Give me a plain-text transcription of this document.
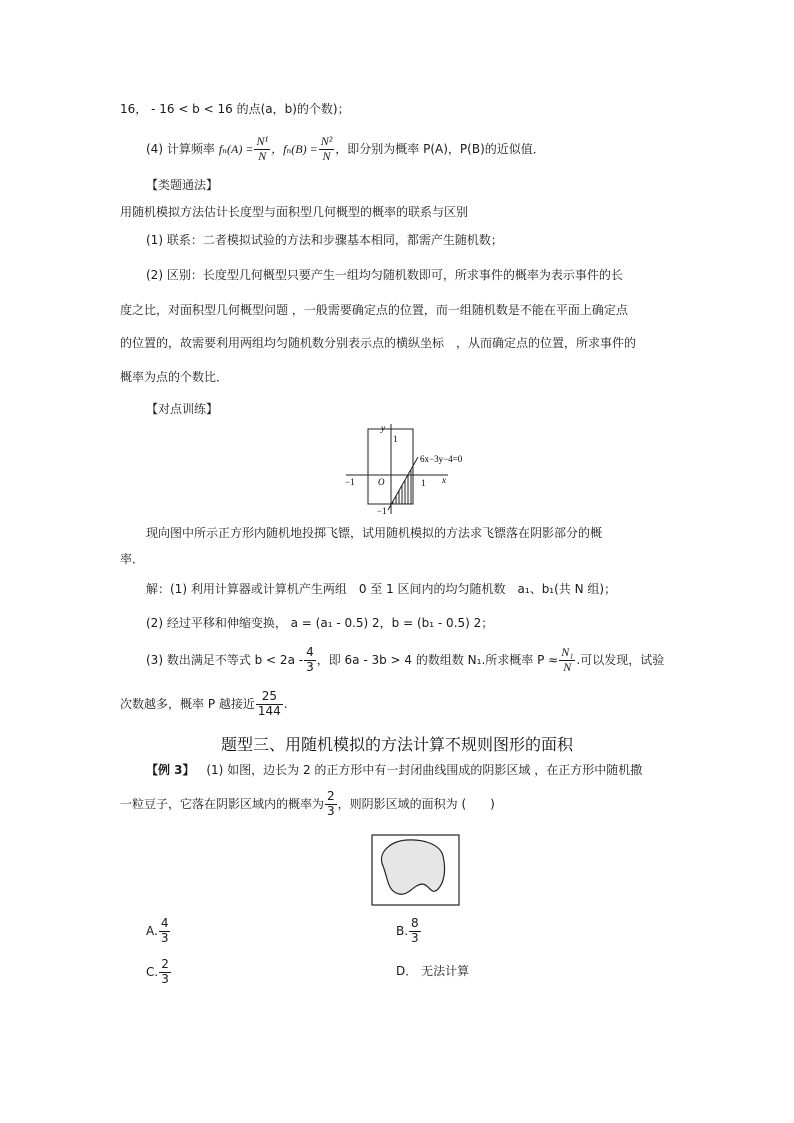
16， - 16 < b < 16 的点(a，b)的个数)；
(4) 计算频率 $f_n(A) = \frac{\text{N¹}}{N}$ ，$f_n(B) = \frac{\text{N²}}{N}$ ，即分别为概率 P(A)，P(B)的近似值．
【类题通法】
用随机模拟方法估计长度型与面积型几何概型的概率的联系与区别
(1) 联系：二者模拟试验的方法和步骤基本相同，都需产生随机数；
(2) 区别：长度型几何概型只要产生一组均匀随机数即可，所求事件的概率为表示事件的长
度之比，对面积型几何概型问题 ，一般需要确定点的位置，而一组随机数是不能在平面上确定点
的位置的，故需要利用两组均匀随机数分别表示点的横纵坐标　，从而确定点的位置，所求事件的
概率为点的个数比．
【对点训练】
y
1
6x−3y−4=0
−1	O	1 x
−1
现向图中所示正方形内随机地投掷飞镖，试用随机模拟的方法求飞镖落在阴影部分的概
率．
解：(1) 利用计算器或计算机产生两组　0 至 1 区间内的均匀随机数　a₁、b₁(共 N 组)；
(2) 经过平移和伸缩变换， a = (a₁ - 0.5) 2，b = (b₁ - 0.5) 2；
(3) 数出满足不等式 $b < 2a - \frac{4}{3}$ ，即 6a - 3b > 4 的数组数 N₁.所求概率 $P \approx \frac{\text{N₁}}{N}$ .可以发现，试验
次数越多，概率 P 越接近 $\frac{25}{144}$ .
题型三、用随机模拟的方法计算不规则图形的面积
【例 3】 (1) 如图，边长为 2 的正方形中有一封闭曲线围成的阴影区域 ，在正方形中随机撒
一粒豆子，它落在阴影区域内的概率为 $\frac{2}{3}$ ，则阴影区域的面积为 (　　)
A. $\frac{4}{3}$	B. $\frac{8}{3}$
C. $\frac{2}{3}$	D． 无法计算
